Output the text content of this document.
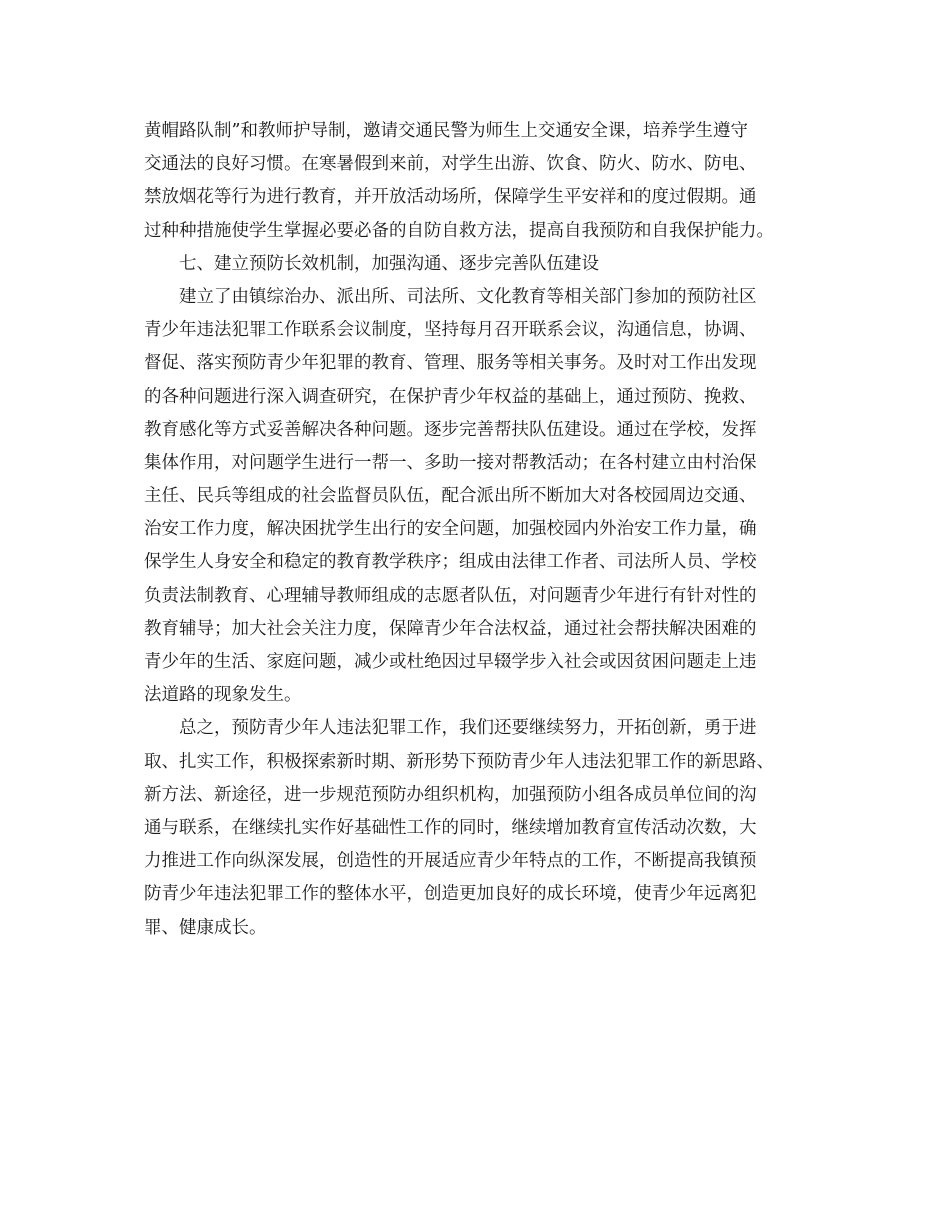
黄帽路队制”和教师护导制，邀请交通民警为师生上交通安全课，培养学生遵守
交通法的良好习惯。在寒暑假到来前，对学生出游、饮食、防火、防水、防电、
禁放烟花等行为进行教育，并开放活动场所，保障学生平安祥和的度过假期。通
过种种措施使学生掌握必要必备的自防自救方法，提高自我预防和自我保护能力。
七、建立预防长效机制，加强沟通、逐步完善队伍建设
建立了由镇综治办、派出所、司法所、文化教育等相关部门参加的预防社区
青少年违法犯罪工作联系会议制度，坚持每月召开联系会议，沟通信息，协调、
督促、落实预防青少年犯罪的教育、管理、服务等相关事务。及时对工作出发现
的各种问题进行深入调查研究，在保护青少年权益的基础上，通过预防、挽救、
教育感化等方式妥善解决各种问题。逐步完善帮扶队伍建设。通过在学校，发挥
集体作用，对问题学生进行一帮一、多助一接对帮教活动；在各村建立由村治保
主任、民兵等组成的社会监督员队伍，配合派出所不断加大对各校园周边交通、
治安工作力度，解决困扰学生出行的安全问题，加强校园内外治安工作力量，确
保学生人身安全和稳定的教育教学秩序；组成由法律工作者、司法所人员、学校
负责法制教育、心理辅导教师组成的志愿者队伍，对问题青少年进行有针对性的
教育辅导；加大社会关注力度，保障青少年合法权益，通过社会帮扶解决困难的
青少年的生活、家庭问题，减少或杜绝因过早辍学步入社会或因贫困问题走上违
法道路的现象发生。
总之，预防青少年人违法犯罪工作，我们还要继续努力，开拓创新，勇于进
取、扎实工作，积极探索新时期、新形势下预防青少年人违法犯罪工作的新思路、
新方法、新途径，进一步规范预防办组织机构，加强预防小组各成员单位间的沟
通与联系，在继续扎实作好基础性工作的同时，继续增加教育宣传活动次数，大
力推进工作向纵深发展，创造性的开展适应青少年特点的工作，不断提高我镇预
防青少年违法犯罪工作的整体水平，创造更加良好的成长环境，使青少年远离犯
罪、健康成长。
